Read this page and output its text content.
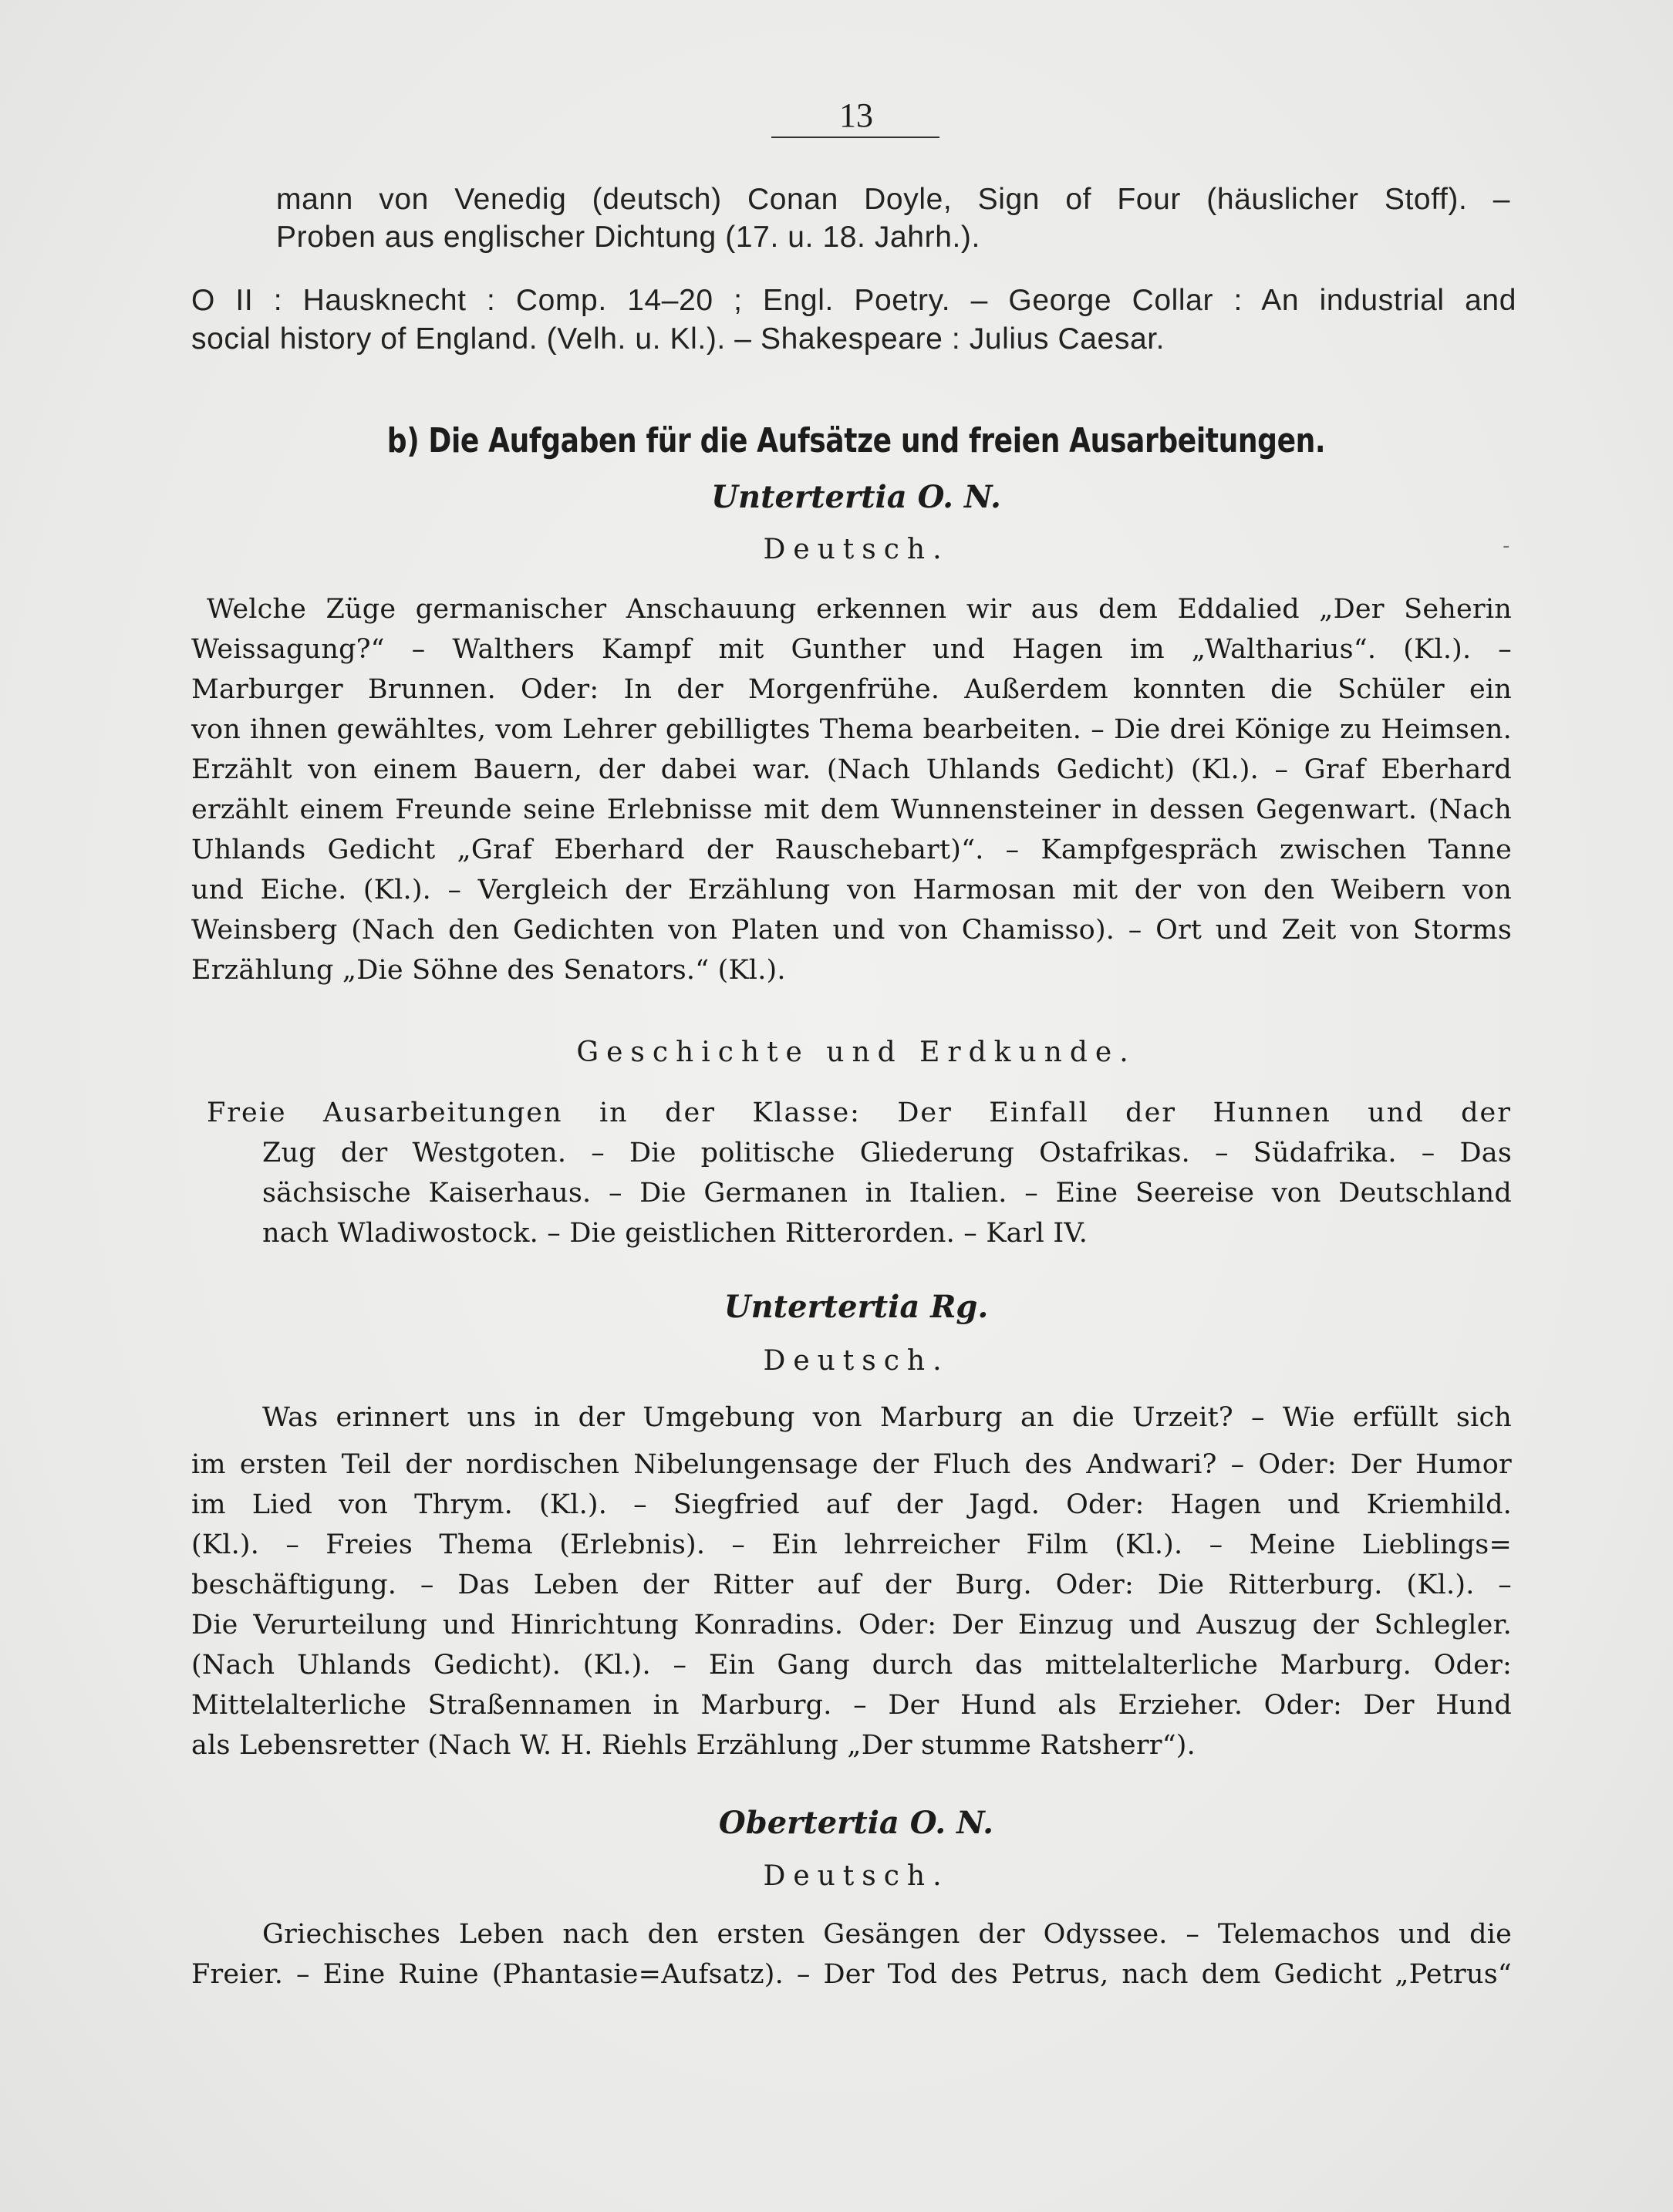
13
mann von Venedig (deutsch) Conan Doyle, Sign of Four (häuslicher Stoff). –
Proben aus englischer Dichtung (17. u. 18. Jahrh.).
O II : Hausknecht : Comp. 14–20 ; Engl. Poetry. – George Collar : An industrial and
social history of England. (Velh. u. Kl.). – Shakespeare : Julius Caesar.
b) Die Aufgaben für die Aufsätze und freien Ausarbeitungen.
Untertertia O. N.
Deutsch.	-
Welche Züge germanischer Anschauung erkennen wir aus dem Eddalied „Der Seherin
Weissagung?“ – Walthers Kampf mit Gunther und Hagen im „Waltharius“. (Kl.). –
Marburger Brunnen. Oder: In der Morgenfrühe. Außerdem konnten die Schüler ein
von ihnen gewähltes, vom Lehrer gebilligtes Thema bearbeiten. – Die drei Könige zu Heimsen.
Erzählt von einem Bauern, der dabei war. (Nach Uhlands Gedicht) (Kl.). – Graf Eberhard
erzählt einem Freunde seine Erlebnisse mit dem Wunnensteiner in dessen Gegenwart. (Nach
Uhlands Gedicht „Graf Eberhard der Rauschebart)“. – Kampfgespräch zwischen Tanne
und Eiche. (Kl.). – Vergleich der Erzählung von Harmosan mit der von den Weibern von
Weinsberg (Nach den Gedichten von Platen und von Chamisso). – Ort und Zeit von Storms
Erzählung „Die Söhne des Senators.“ (Kl.).
Geschichte und Erdkunde.
Freie Ausarbeitungen in der Klasse: Der Einfall der Hunnen und der
Zug der Westgoten. – Die politische Gliederung Ostafrikas. – Südafrika. – Das
sächsische Kaiserhaus. – Die Germanen in Italien. – Eine Seereise von Deutschland
nach Wladiwostock. – Die geistlichen Ritterorden. – Karl IV.
Untertertia Rg.
Deutsch.
Was erinnert uns in der Umgebung von Marburg an die Urzeit? – Wie erfüllt sich
im ersten Teil der nordischen Nibelungensage der Fluch des Andwari? – Oder: Der Humor
im Lied von Thrym. (Kl.). – Siegfried auf der Jagd. Oder: Hagen und Kriemhild.
(Kl.). – Freies Thema (Erlebnis). – Ein lehrreicher Film (Kl.). – Meine Lieblings=
beschäftigung. – Das Leben der Ritter auf der Burg. Oder: Die Ritterburg. (Kl.). –
Die Verurteilung und Hinrichtung Konradins. Oder: Der Einzug und Auszug der Schlegler.
(Nach Uhlands Gedicht). (Kl.). – Ein Gang durch das mittelalterliche Marburg. Oder:
Mittelalterliche Straßennamen in Marburg. – Der Hund als Erzieher. Oder: Der Hund
als Lebensretter (Nach W. H. Riehls Erzählung „Der stumme Ratsherr“).
Obertertia O. N.
Deutsch.
Griechisches Leben nach den ersten Gesängen der Odyssee. – Telemachos und die
Freier. – Eine Ruine (Phantasie=Aufsatz). – Der Tod des Petrus, nach dem Gedicht „Petrus“
